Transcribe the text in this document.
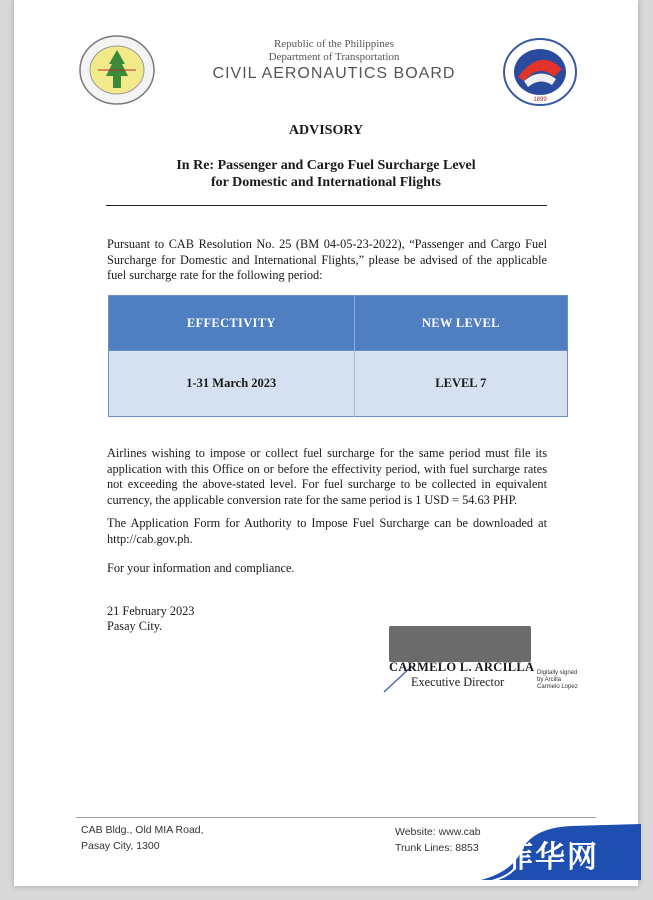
Republic of the Philippines
Department of Transportation
CIVIL AERONAUTICS BOARD
1899
ADVISORY
In Re: Passenger and Cargo Fuel Surcharge Level
for Domestic and International Flights
Pursuant to CAB Resolution No. 25 (BM 04-05-23-2022), “Passenger and Cargo Fuel Surcharge for Domestic and International Flights,” please be advised of the applicable fuel surcharge rate for the following period:
EFFECTIVITY	NEW LEVEL
1-31 March 2023	LEVEL 7
Airlines wishing to impose or collect fuel surcharge for the same period must file its application with this Office on or before the effectivity period, with fuel surcharge rates not exceeding the above-stated level. For fuel surcharge to be collected in equivalent currency, the applicable conversion rate for the same period is 1 USD = 54.63 PHP.
The Application Form for Authority to Impose Fuel Surcharge can be downloaded at http://cab.gov.ph.
For your information and compliance.
21 February 2023
Pasay City.
CARMELO L. ARCILLA
Executive Director
Digitally signed
by Arcilla
Carmelo Lopez
CAB Bldg., Old MIA Road,
Pasay City, 1300
Website: www.cab
Trunk Lines: 8853 菲华网
